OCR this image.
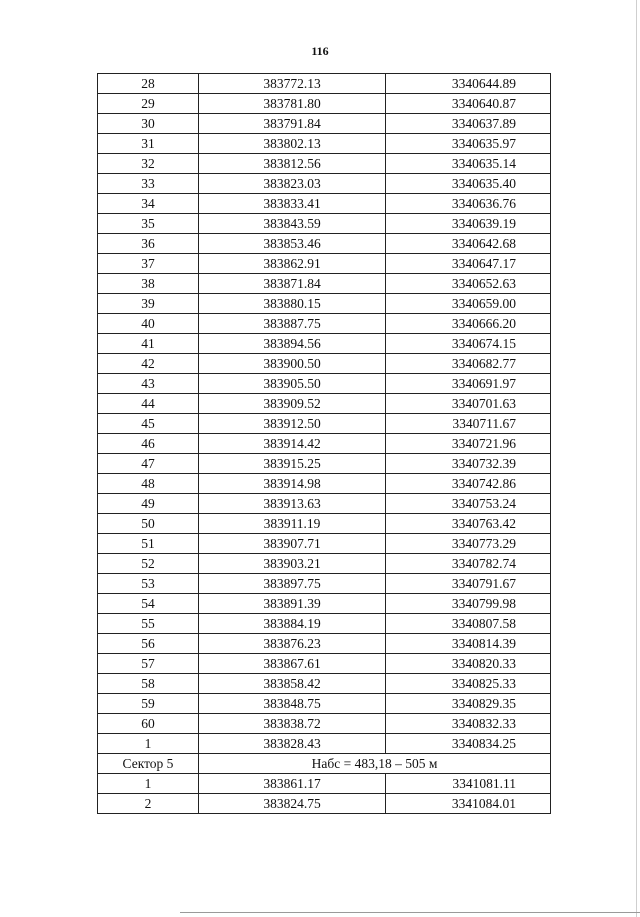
116
28	383772.13	3340644.89
29	383781.80	3340640.87
30	383791.84	3340637.89
31	383802.13	3340635.97
32	383812.56	3340635.14
33	383823.03	3340635.40
34	383833.41	3340636.76
35	383843.59	3340639.19
36	383853.46	3340642.68
37	383862.91	3340647.17
38	383871.84	3340652.63
39	383880.15	3340659.00
40	383887.75	3340666.20
41	383894.56	3340674.15
42	383900.50	3340682.77
43	383905.50	3340691.97
44	383909.52	3340701.63
45	383912.50	3340711.67
46	383914.42	3340721.96
47	383915.25	3340732.39
48	383914.98	3340742.86
49	383913.63	3340753.24
50	383911.19	3340763.42
51	383907.71	3340773.29
52	383903.21	3340782.74
53	383897.75	3340791.67
54	383891.39	3340799.98
55	383884.19	3340807.58
56	383876.23	3340814.39
57	383867.61	3340820.33
58	383858.42	3340825.33
59	383848.75	3340829.35
60	383838.72	3340832.33
1	383828.43	3340834.25
Сектор 5	Набс = 483,18 – 505 м	
1	383861.17	3341081.11
2	383824.75	3341084.01
